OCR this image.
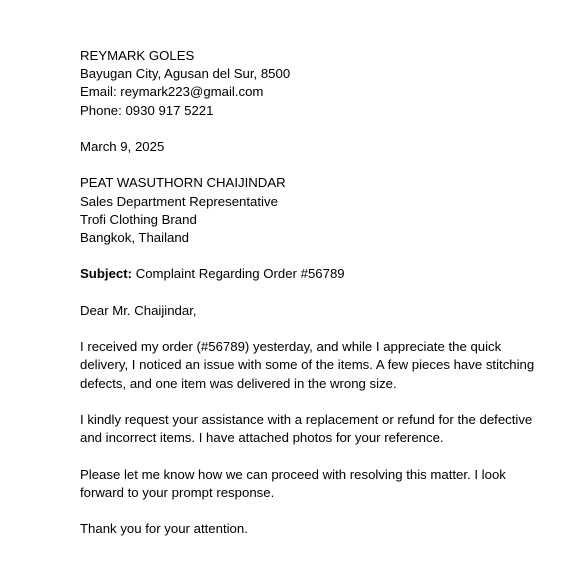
REYMARK GOLES
Bayugan City, Agusan del Sur, 8500
Email: reymark223@gmail.com
Phone: 0930 917 5221
March 9, 2025
PEAT WASUTHORN CHAIJINDAR
Sales Department Representative
Trofi Clothing Brand
Bangkok, Thailand
Subject: Complaint Regarding Order #56789
Dear Mr. Chaijindar,

I received my order (#56789) yesterday, and while I appreciate the quick delivery, I noticed an issue with some of the items. A few pieces have stitching defects, and one item was delivered in the wrong size.

I kindly request your assistance with a replacement or refund for the defective and incorrect items. I have attached photos for your reference.

Please let me know how we can proceed with resolving this matter. I look forward to your prompt response.

Thank you for your attention.
